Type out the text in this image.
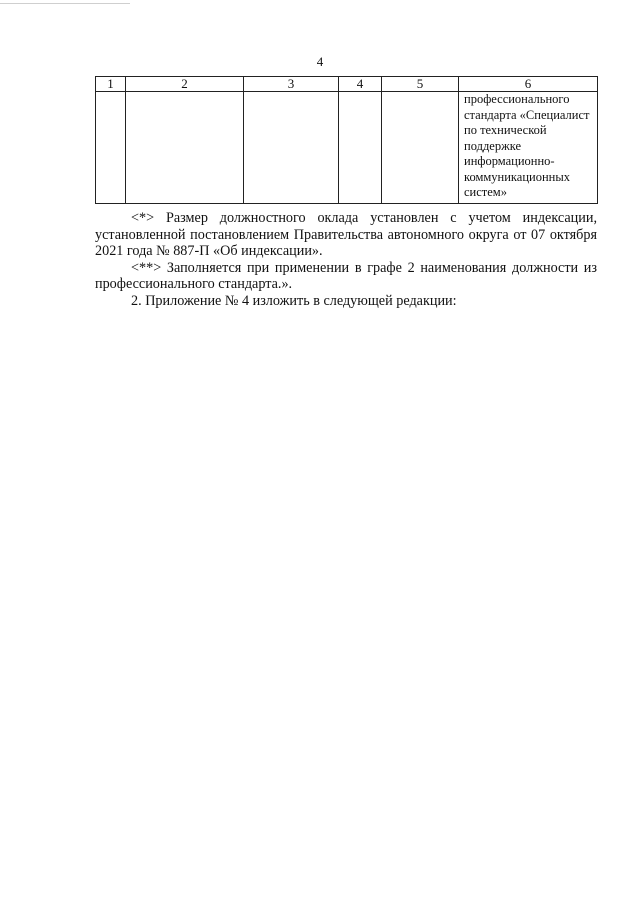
4
1	2	3	4	5	6
					профессионального стандарта «Специалист по технической поддержке информационно-коммуникационных систем»

<*> Размер должностного оклада установлен с учетом индексации, установленной постановлением Правительства автономного округа от 07 октября 2021 года № 887-П «Об индексации».

<**> Заполняется при применении в графе 2 наименования должности из профессионального стандарта.».

2. Приложение № 4 изложить в следующей редакции:
